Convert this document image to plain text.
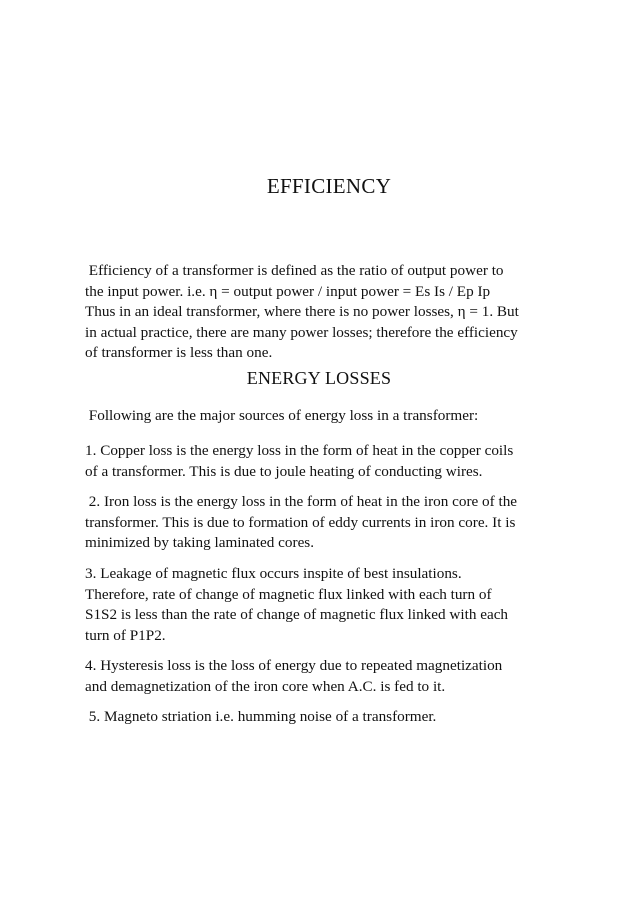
EFFICIENCY

Efficiency of a transformer is defined as the ratio of output power to
the input power. i.e. η = output power / input power = Es Is / Ep Ip
Thus in an ideal transformer, where there is no power losses, η = 1. But
in actual practice, there are many power losses; therefore the efficiency
of transformer is less than one.

ENERGY LOSSES

Following are the major sources of energy loss in a transformer:

1. Copper loss is the energy loss in the form of heat in the copper coils
of a transformer. This is due to joule heating of conducting wires.

2. Iron loss is the energy loss in the form of heat in the iron core of the
transformer. This is due to formation of eddy currents in iron core. It is
minimized by taking laminated cores.

3. Leakage of magnetic flux occurs inspite of best insulations.
Therefore, rate of change of magnetic flux linked with each turn of
S1S2 is less than the rate of change of magnetic flux linked with each
turn of P1P2.

4. Hysteresis loss is the loss of energy due to repeated magnetization
and demagnetization of the iron core when A.C. is fed to it.

5. Magneto striation i.e. humming noise of a transformer.
